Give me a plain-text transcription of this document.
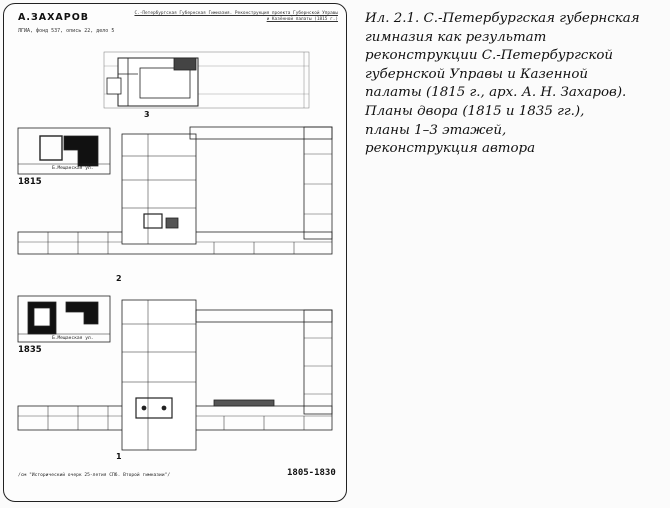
А.ЗАХАРОВ
ЛГИА, фонд 537, опись 22, дело 5
С.-Петербургская Губернская Гимназия. Реконструкция проекта Губернской Управы и Казённой палаты (1815 г.)
3
2
1
Б.Мещанская ул.
1815
Б.Мещанская ул.
1835
/см "Исторический очерк 25-летия СПб. Второй гимназии"/	1805-1830
Ил. 2.1. С.-Петербургская губернская
гимназия как результат
реконструкции С.-Петербургской
губернской Управы и Казенной
палаты (1815 г., арх. А. Н. Захаров).
Планы двора (1815 и 1835 гг.),
планы 1–3 этажей,
реконструкция автора
